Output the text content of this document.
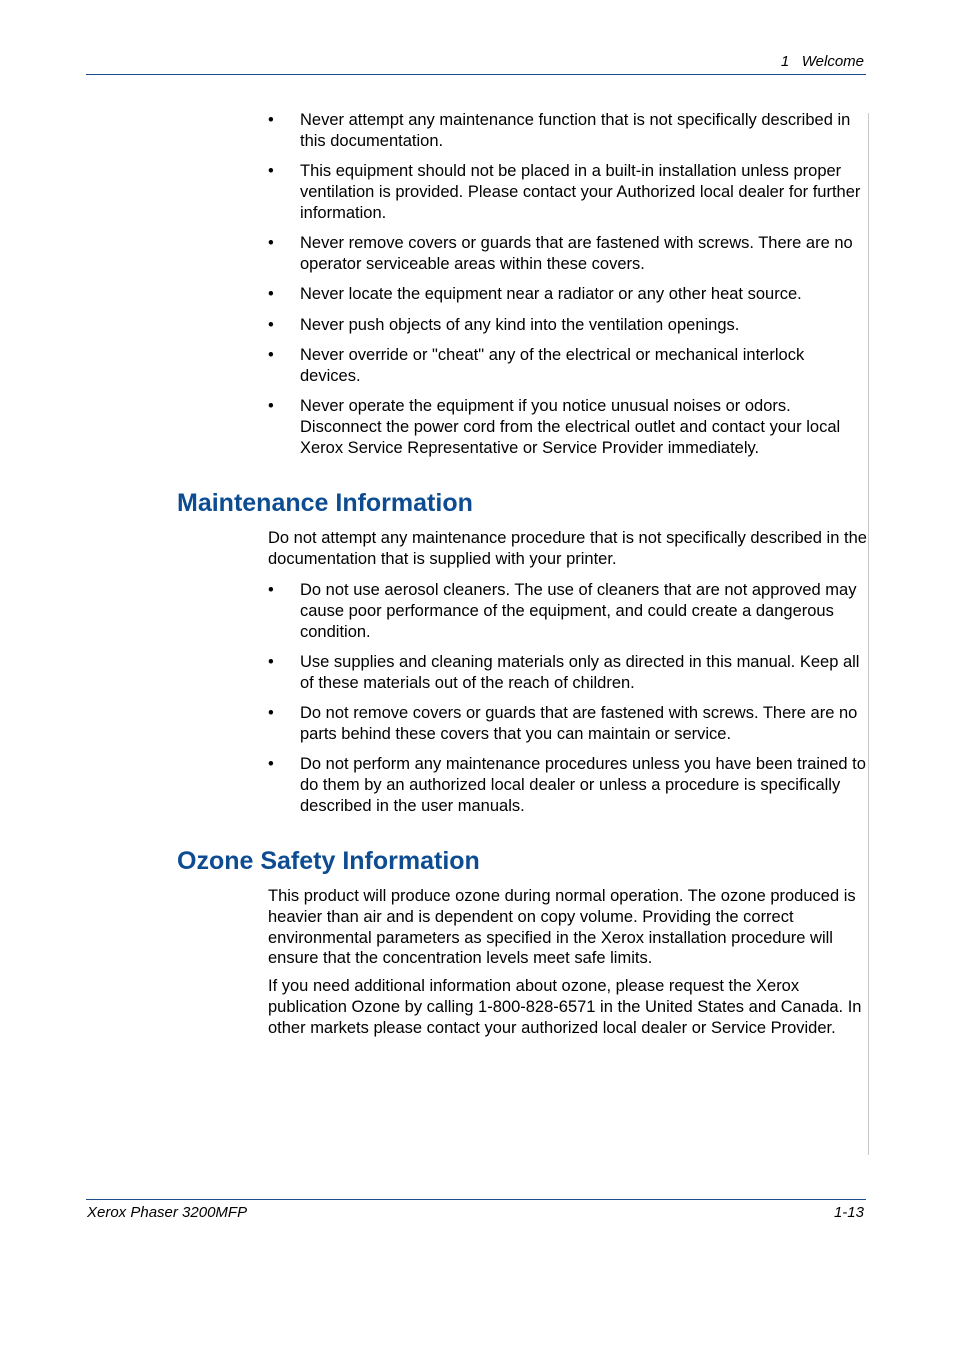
1   Welcome
• Never attempt any maintenance function that is not specifically described in this documentation.
• This equipment should not be placed in a built-in installation unless proper ventilation is provided. Please contact your Authorized local dealer for further information.
• Never remove covers or guards that are fastened with screws. There are no operator serviceable areas within these covers.
• Never locate the equipment near a radiator or any other heat source.
• Never push objects of any kind into the ventilation openings.
• Never override or "cheat" any of the electrical or mechanical interlock devices.
• Never operate the equipment if you notice unusual noises or odors. Disconnect the power cord from the electrical outlet and contact your local Xerox Service Representative or Service Provider immediately.
Maintenance Information

Do not attempt any maintenance procedure that is not specifically described in the documentation that is supplied with your printer.

• Do not use aerosol cleaners. The use of cleaners that are not approved may cause poor performance of the equipment, and could create a dangerous condition.
• Use supplies and cleaning materials only as directed in this manual. Keep all of these materials out of the reach of children.
• Do not remove covers or guards that are fastened with screws. There are no parts behind these covers that you can maintain or service.
• Do not perform any maintenance procedures unless you have been trained to do them by an authorized local dealer or unless a procedure is specifically described in the user manuals.
Ozone Safety Information

This product will produce ozone during normal operation. The ozone produced is heavier than air and is dependent on copy volume. Providing the correct environmental parameters as specified in the Xerox installation procedure will ensure that the concentration levels meet safe limits.

If you need additional information about ozone, please request the Xerox publication Ozone by calling 1-800-828-6571 in the United States and Canada. In other markets please contact your authorized local dealer or Service Provider.

Xerox Phaser 3200MFP	1-13
